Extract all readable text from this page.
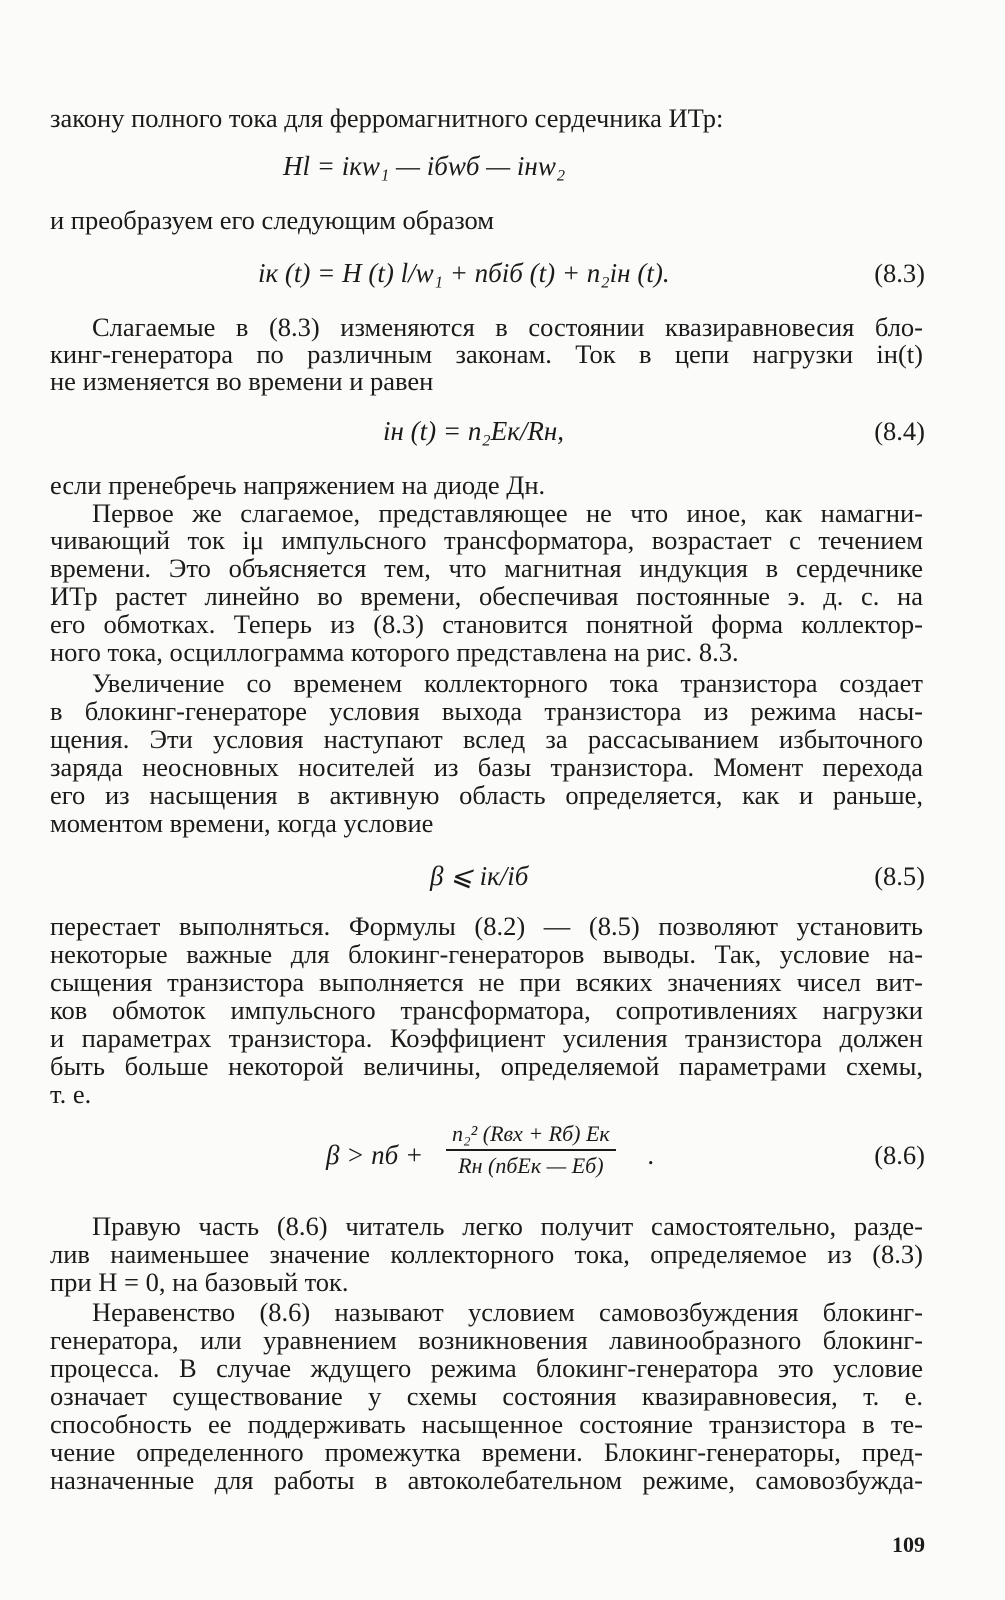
закону полного тока для ферромагнитного сердечника ИТр:
Hl = iкw₁ — iбwб — iнw₂
и преобразуем его следующим образом
iк (t) = H (t) l/w₁ + nбiб (t) + n₂iн (t).	(8.3)
Слагаемые в (8.3) изменяются в состоянии квазиравновесия бло-
кинг-генератора по различным законам. Ток в цепи нагрузки iн(t)
не изменяется во времени и равен
iн (t) = n₂Eк/Rн,	(8.4)
если пренебречь напряжением на диоде Дн.
Первое же слагаемое, представляющее не что иное, как намагни-
чивающий ток iμ импульсного трансформатора, возрастает с течением
времени. Это объясняется тем, что магнитная индукция в сердечнике
ИТр растет линейно во времени, обеспечивая постоянные э. д. с. на
его обмотках. Теперь из (8.3) становится понятной форма коллектор-
ного тока, осциллограмма которого представлена на рис. 8.3.
Увеличение со временем коллекторного тока транзистора создает
в блокинг-генераторе условия выхода транзистора из режима насы-
щения. Эти условия наступают вслед за рассасыванием избыточного
заряда неосновных носителей из базы транзистора. Момент перехода
его из насыщения в активную область определяется, как и раньше,
моментом времени, когда условие
β ⩽ iк/iб	(8.5)
перестает выполняться. Формулы (8.2) — (8.5) позволяют установить
некоторые важные для блокинг-генераторов выводы. Так, условие на-
сыщения транзистора выполняется не при всяких значениях чисел вит-
ков обмоток импульсного трансформатора, сопротивлениях нагрузки
и параметрах транзистора. Коэффициент усиления транзистора должен
быть больше некоторой величины, определяемой параметрами схемы,
т. е.
β > nб +
n₂² (Rвх + Rб) Eк
Rн (nбEк — Eб)	.	(8.6)
Правую часть (8.6) читатель легко получит самостоятельно, разде-
лив наименьшее значение коллекторного тока, определяемое из (8.3)
при H = 0, на базовый ток.
Неравенство (8.6) называют условием самовозбуждения блокинг-
генератора, или уравнением возникновения лавинообразного блокинг-
процесса. В случае ждущего режима блокинг-генератора это условие
означает существование у схемы состояния квазиравновесия, т. е.
способность ее поддерживать насыщенное состояние транзистора в те-
чение определенного промежутка времени. Блокинг-генераторы, пред-
назначенные для работы в автоколебательном режиме, самовозбужда-
109
